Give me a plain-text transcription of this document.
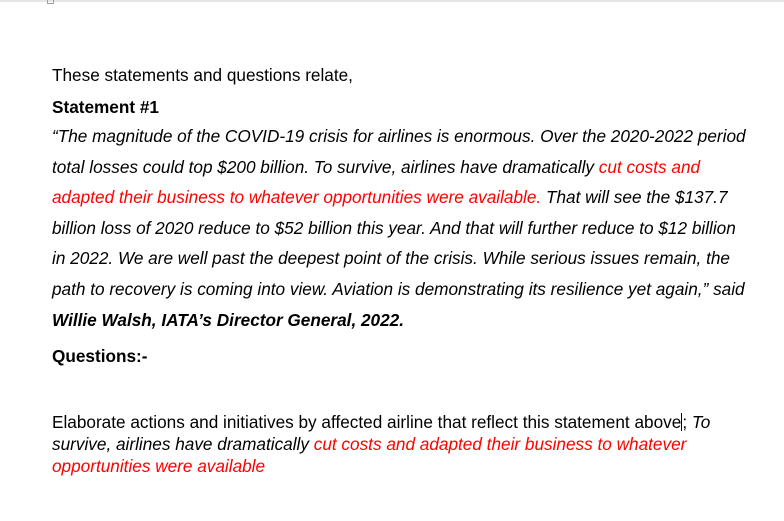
These statements and questions relate,

Statement #1

“The magnitude of the COVID-19 crisis for airlines is enormous. Over the 2020-2022 period total losses could top $200 billion. To survive, airlines have dramatically cut costs and adapted their business to whatever opportunities were available. That will see the $137.7 billion loss of 2020 reduce to $52 billion this year. And that will further reduce to $12 billion in 2022. We are well past the deepest point of the crisis. While serious issues remain, the path to recovery is coming into view. Aviation is demonstrating its resilience yet again,” said Willie Walsh, IATA’s Director General, 2022.

Questions:-

Elaborate actions and initiatives by affected airline that reflect this statement above; To survive, airlines have dramatically cut costs and adapted their business to whatever opportunities were available
